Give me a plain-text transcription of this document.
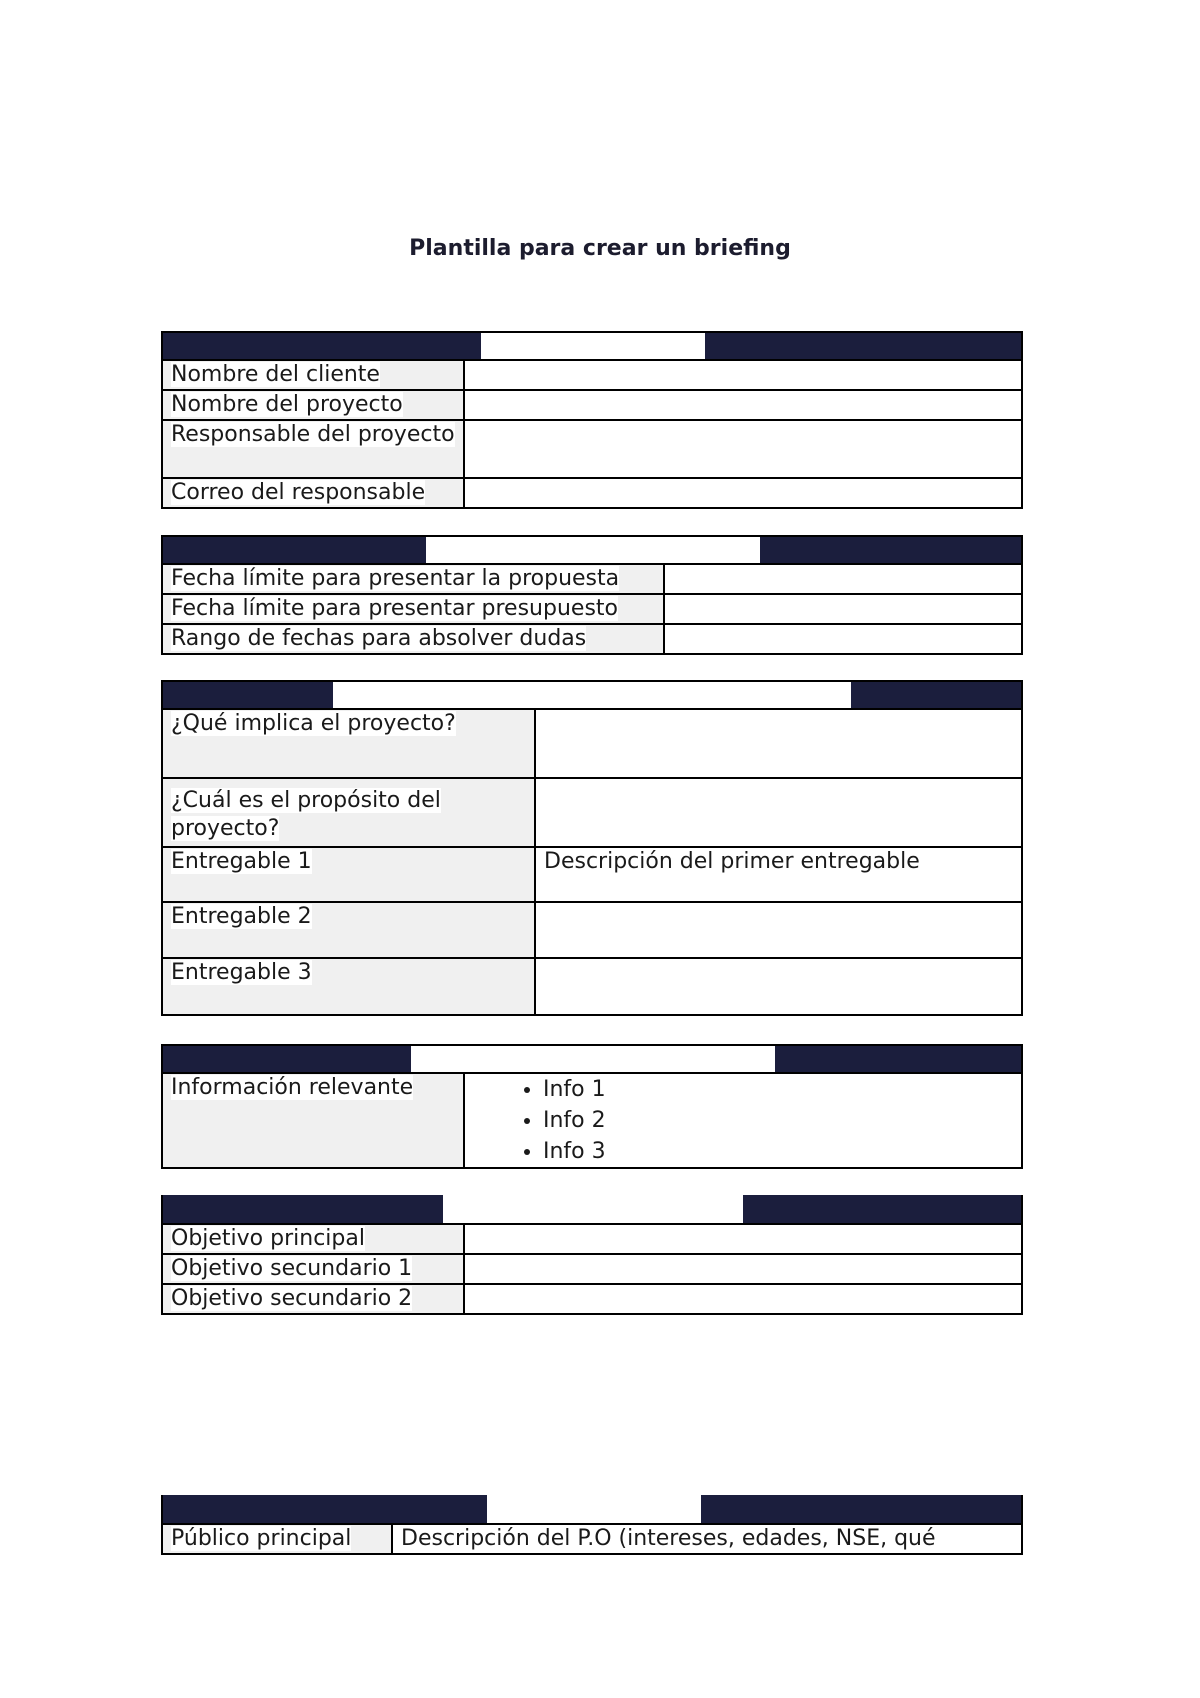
Plantilla para crear un briefing
Nombre del cliente	
Nombre del proyecto	
Responsable del proyecto	
Correo del responsable	
Fecha límite para presentar la propuesta	
Fecha límite para presentar presupuesto	
Rango de fechas para absolver dudas	
¿Qué implica el proyecto?	
¿Cuál es el propósito del proyecto?	
Entregable 1	Descripción del primer entregable
Entregable 2	
Entregable 3	
Información relevante	
•Info 1
• Info 2
• Info 3
Objetivo principal	
Objetivo secundario 1	
Objetivo secundario 2	
Público principal	Descripción del P.O (intereses, edades, NSE, qué
